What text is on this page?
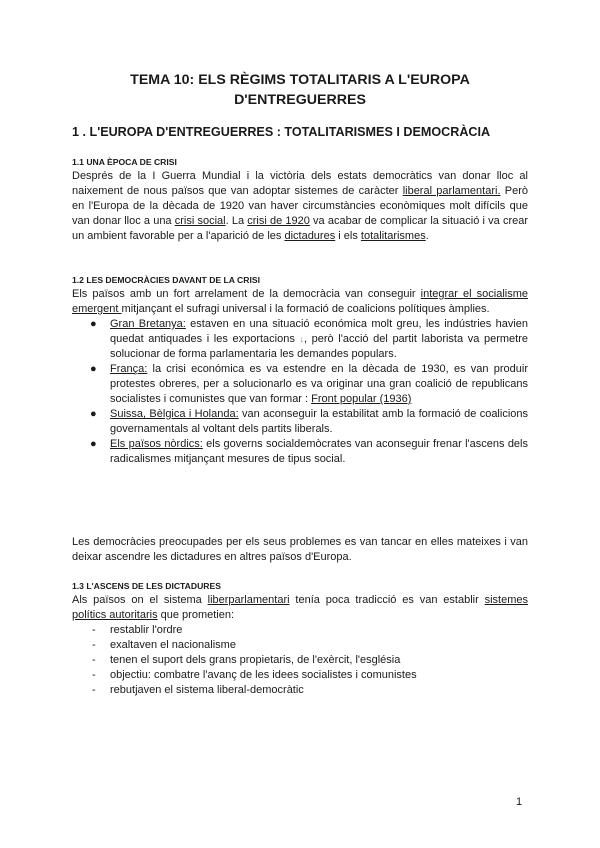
TEMA 10: ELS RÈGIMS TOTALITARIS A L'EUROPA
D'ENTREGUERRES
1 . L'EUROPA D'ENTREGUERRES : TOTALITARISMES I DEMOCRÀCIA
1.1 UNA ÈPOCA DE CRISI

Després de la I Guerra Mundial i la victòria dels estats democràtics van donar lloc al naixement de nous països que van adoptar sistemes de caràcter liberal parlamentari. Però en l'Europa de la dècada de 1920 van haver circumstàncies econòmiques molt difícils que van donar lloc a una crisi social. La crisi de 1920 va acabar de complicar la situació i va crear un ambient favorable per a l'aparició de les dictadures i els totalitarismes.

1.2 LES DEMOCRÀCIES DAVANT DE LA CRISI

Els països amb un fort arrelament de la democràcia van conseguir integrar el socialisme emergent mitjançant el sufragi universal i la formació de coalicions polítiques àmplies.

● Gran Bretanya: estaven en una situació económica molt greu, les indústries havien quedat antiquades i les exportacions ↓, però l'acció del partit laborista va permetre solucionar de forma parlamentaria les demandes populars.
● França: la crisi económica es va estendre en la dècada de 1930, es van produir protestes obreres, per a solucionarlo es va originar una gran coalició de republicans socialistes i comunistes que van formar : Front popular (1936)
● Suissa, Bèlgica i Holanda: van aconseguir la estabilitat amb la formació de coalicions governamentals al voltant dels partits liberals.
● Els països nòrdics: els governs socialdemòcrates van aconseguir frenar l'ascens dels radicalismes mitjançant mesures de tipus social.

Les democràcies preocupades per els seus problemes es van tancar en elles mateixes i van deixar ascendre les dictadures en altres països d'Europa.

1.3 L'ASCENS DE LES DICTADURES

Als països on el sistema liberparlamentari tenía poca tradicció es van establir sistemes polítics autoritaris que prometien:

- restablir l'ordre
- exaltaven el nacionalisme
- tenen el suport dels grans propietaris, de l'exèrcit, l'església
- objectiu: combatre l'avanç de les idees socialistes i comunistes
- rebutjaven el sistema liberal-democràtic
1
